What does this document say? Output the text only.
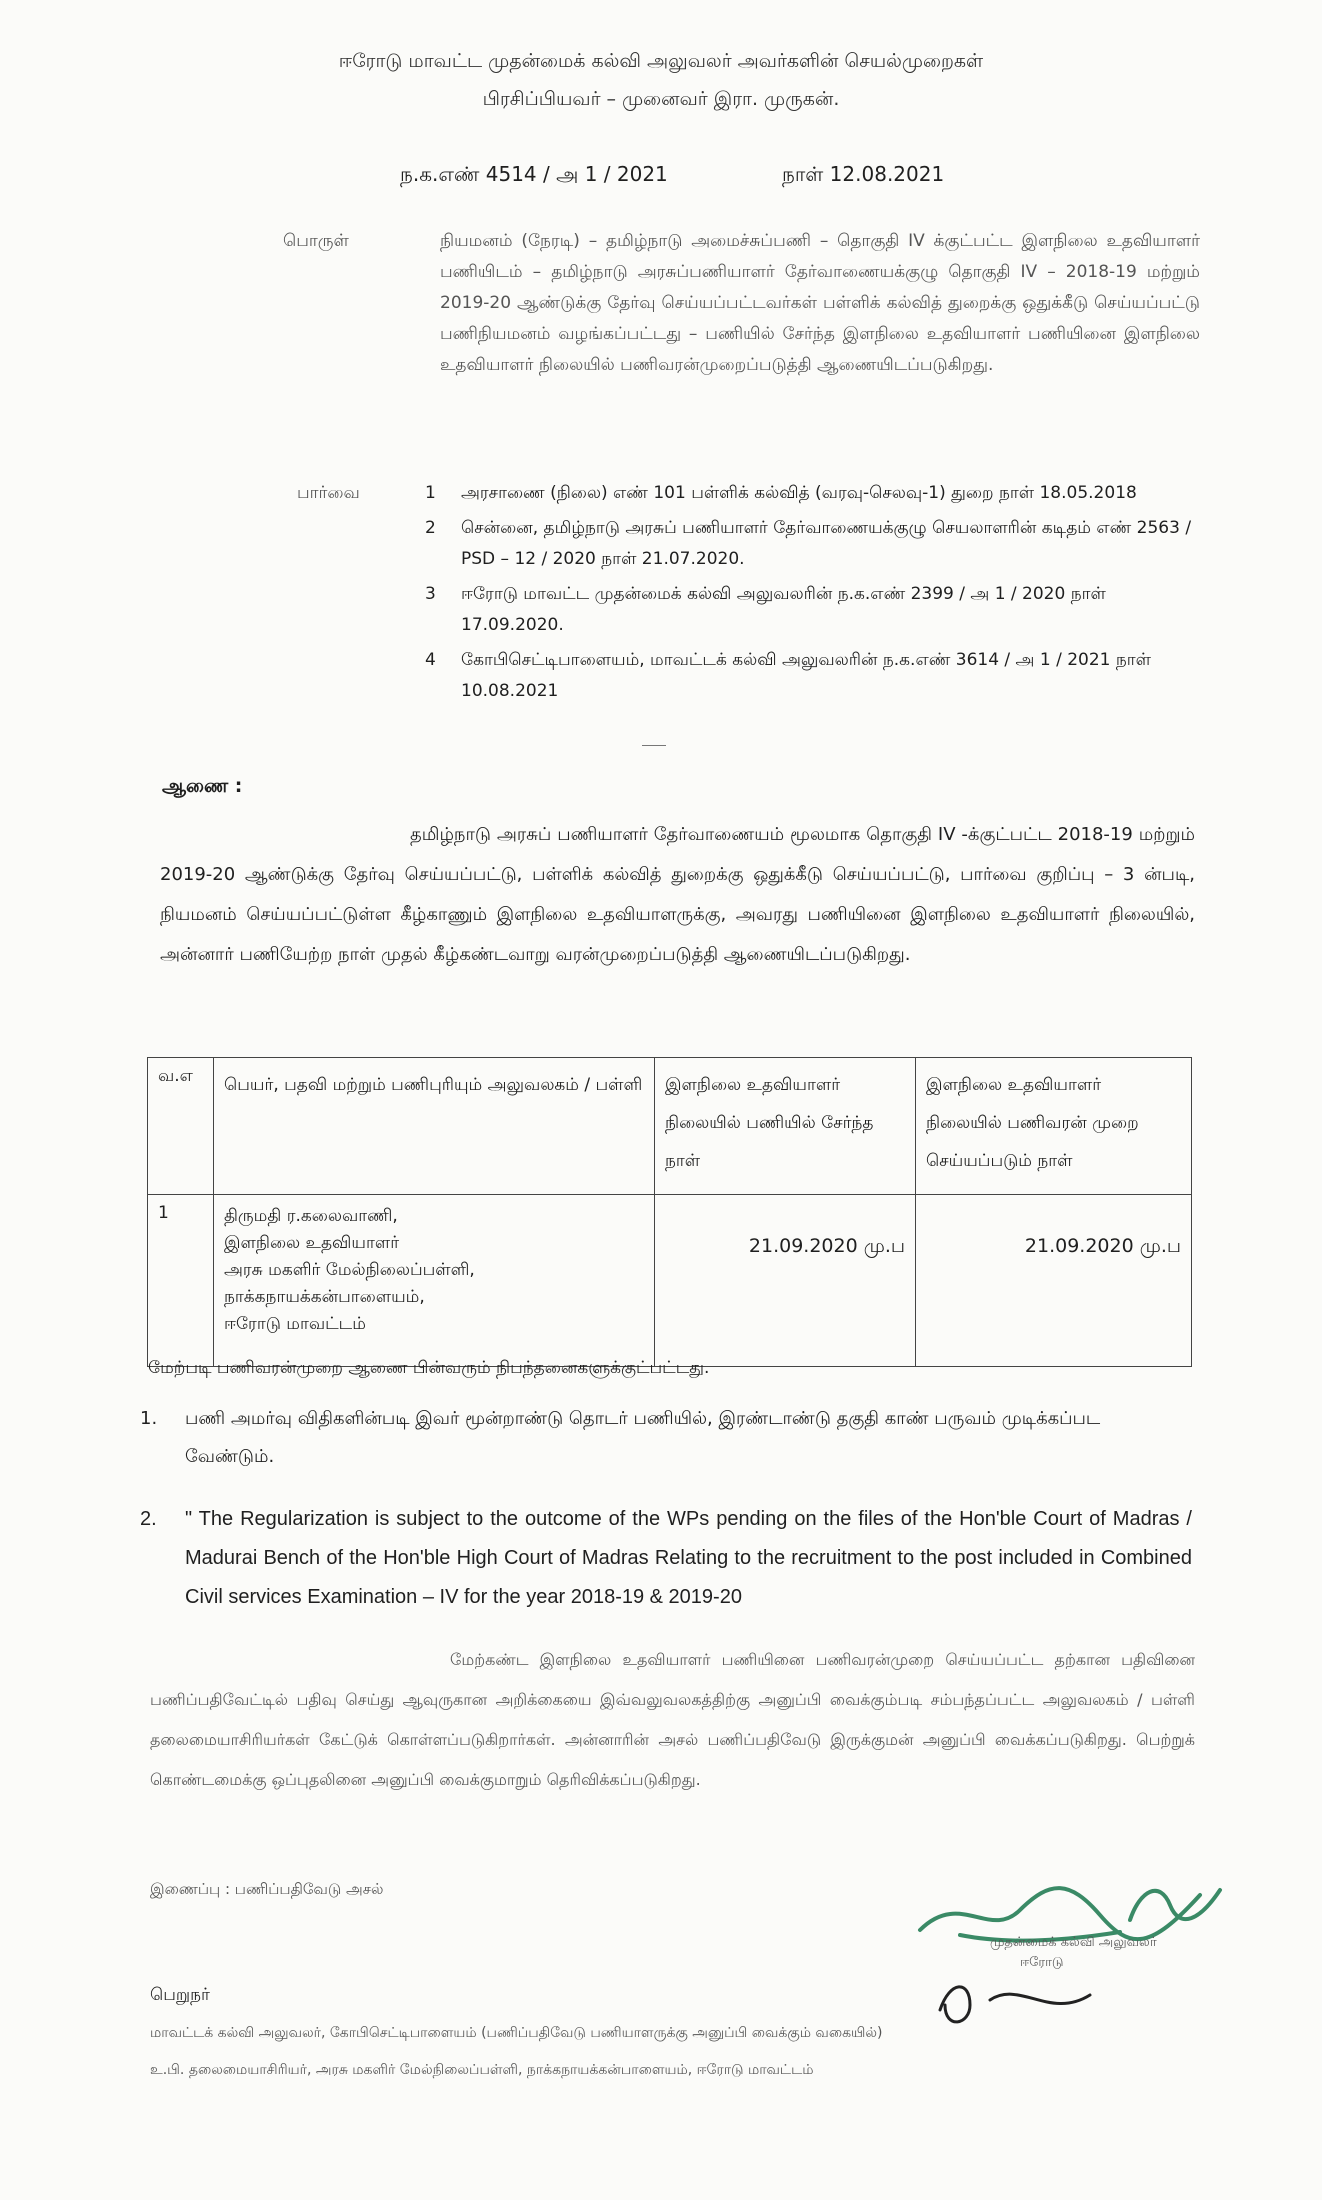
ஈரோடு மாவட்ட முதன்மைக் கல்வி அலுவலர் அவர்களின் செயல்முறைகள்
பிரசிப்பியவர் – முனைவர் இரா. முருகன்.
ந.க.எண் 4514 / அ 1 / 2021	நாள் 12.08.2021
பொருள்	நியமனம் (நேரடி) – தமிழ்நாடு அமைச்சுப்பணி – தொகுதி IV க்குட்பட்ட இளநிலை உதவியாளர் பணியிடம் – தமிழ்நாடு அரசுப்பணியாளர் தேர்வாணையக்குழு தொகுதி IV – 2018-19 மற்றும் 2019-20 ஆண்டுக்கு தேர்வு செய்யப்பட்டவர்கள் பள்ளிக் கல்வித் துறைக்கு ஒதுக்கீடு செய்யப்பட்டு பணிநியமனம் வழங்கப்பட்டது – பணியில் சேர்ந்த இளநிலை உதவியாளர் பணியினை இளநிலை உதவியாளர் நிலையில் பணிவரன்முறைப்படுத்தி ஆணையிடப்படுகிறது.
பார்வை	1	அரசாணை (நிலை) எண் 101 பள்ளிக் கல்வித் (வரவு-செலவு-1) துறை நாள் 18.05.2018
2	சென்னை, தமிழ்நாடு அரசுப் பணியாளர் தேர்வாணையக்குழு செயலாளரின் கடிதம் எண் 2563 / PSD – 12 / 2020 நாள் 21.07.2020.
3	ஈரோடு மாவட்ட முதன்மைக் கல்வி அலுவலரின் ந.க.எண் 2399 / அ 1 / 2020 நாள் 17.09.2020.
4	கோபிசெட்டிபாளையம், மாவட்டக் கல்வி அலுவலரின் ந.க.எண் 3614 / அ 1 / 2021 நாள் 10.08.2021
ஆணை :
தமிழ்நாடு அரசுப் பணியாளர் தேர்வாணையம் மூலமாக தொகுதி IV -க்குட்பட்ட 2018-19 மற்றும் 2019-20 ஆண்டுக்கு தேர்வு செய்யப்பட்டு, பள்ளிக் கல்வித் துறைக்கு ஒதுக்கீடு செய்யப்பட்டு, பார்வை குறிப்பு – 3 ன்படி, நியமனம் செய்யப்பட்டுள்ள கீழ்காணும் இளநிலை உதவியாளருக்கு, அவரது பணியினை இளநிலை உதவியாளர் நிலையில், அன்னார் பணியேற்ற நாள் முதல் கீழ்கண்டவாறு வரன்முறைப்படுத்தி ஆணையிடப்படுகிறது.
வ.எ	பெயர், பதவி மற்றும் பணிபுரியும் அலுவலகம் / பள்ளி	இளநிலை உதவியாளர் நிலையில் பணியில் சேர்ந்த நாள்	இளநிலை உதவியாளர் நிலையில் பணிவரன் முறை செய்யப்படும் நாள்
1	திருமதி ர.கலைவாணி,
இளநிலை உதவியாளர்
அரசு மகளிர் மேல்நிலைப்பள்ளி,
நாக்கநாயக்கன்பாளையம்,
ஈரோடு மாவட்டம்	21.09.2020 மு.ப	21.09.2020 மு.ப
மேற்படி பணிவரன்முறை ஆணை பின்வரும் நிபந்தனைகளுக்குட்பட்டது.
1. பணி அமர்வு விதிகளின்படி இவர் மூன்றாண்டு தொடர் பணியில், இரண்டாண்டு தகுதி காண் பருவம் முடிக்கப்பட வேண்டும்.
2. " The Regularization is subject to the outcome of the WPs pending on the files of the Hon'ble Court of Madras / Madurai Bench of the Hon'ble High Court of Madras Relating to the recruitment to the post included in Combined Civil services Examination – IV for the year 2018-19 & 2019-20
மேற்கண்ட இளநிலை உதவியாளர் பணியினை பணிவரன்முறை செய்யப்பட்ட தற்கான பதிவினை பணிப்பதிவேட்டில் பதிவு செய்து ஆவுருகான அறிக்கையை இவ்வலுவலகத்திற்கு அனுப்பி வைக்கும்படி சம்பந்தப்பட்ட அலுவலகம் / பள்ளி தலைமையாசிரியர்கள் கேட்டுக் கொள்ளப்படுகிறார்கள். அன்னாரின் அசல் பணிப்பதிவேடு இருக்குமன் அனுப்பி வைக்கப்படுகிறது. பெற்றுக் கொண்டமைக்கு ஒப்புதலினை அனுப்பி வைக்குமாறும் தெரிவிக்கப்படுகிறது.
இணைப்பு : பணிப்பதிவேடு அசல்
முதன்மைக் கல்வி அலுவலர்
ஈரோடு
பெறுநர்
மாவட்டக் கல்வி அலுவலர், கோபிசெட்டிபாளையம் (பணிப்பதிவேடு பணியாளருக்கு அனுப்பி வைக்கும் வகையில்)
உ.பி. தலைமையாசிரியர், அரசு மகளிர் மேல்நிலைப்பள்ளி, நாக்கநாயக்கன்பாளையம், ஈரோடு மாவட்டம்
